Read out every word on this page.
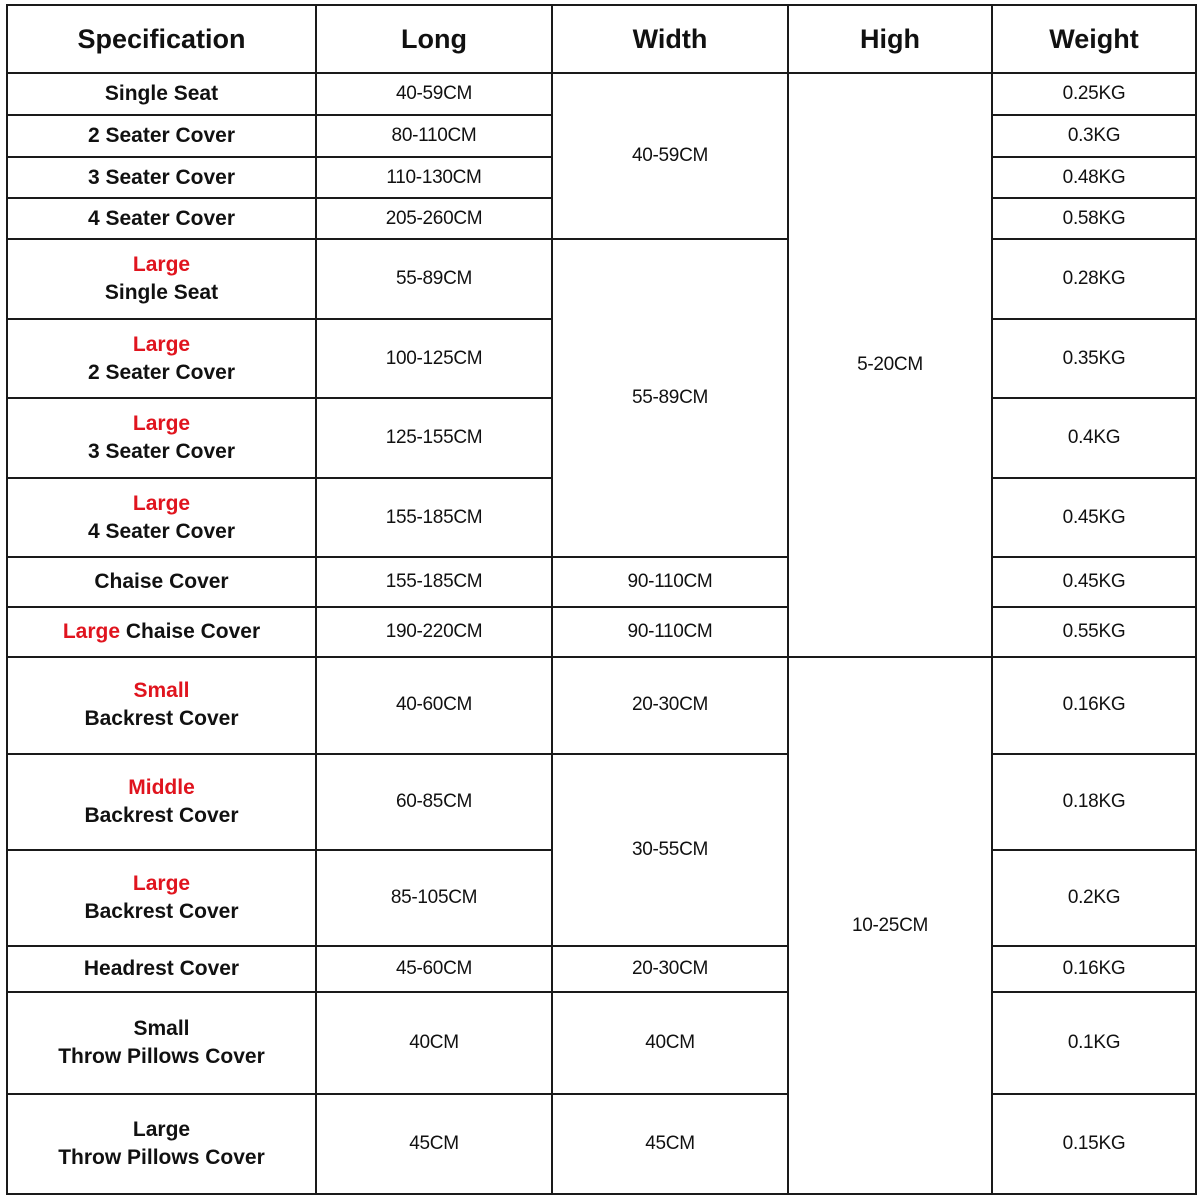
Specification	Long	Width	High	Weight

Single Seat	40-59CM	40-59CM	5-20CM	0.25KG

2 Seater Cover	80-110CM			0.3KG

3 Seater Cover	110-130CM			0.48KG

4 Seater Cover	205-260CM			0.58KG

Large
Single Seat	55-89CM	55-89CM		0.28KG

Large
2 Seater Cover	100-125CM			0.35KG

Large
3 Seater Cover	125-155CM			0.4KG

Large
4 Seater Cover	155-185CM			0.45KG

Chaise Cover	155-185CM	90-110CM		0.45KG
Large Chaise Cover	190-220CM	90-110CM		0.55KG

Small
Backrest Cover	40-60CM	20-30CM	10-25CM	0.16KG

Middle
Backrest Cover	60-85CM	30-55CM		0.18KG

Large
Backrest Cover	85-105CM			0.2KG

Headrest Cover	45-60CM	20-30CM		0.16KG

Small
Throw Pillows Cover	40CM	40CM		0.1KG

Large
Throw Pillows Cover	45CM	45CM		0.15KG
